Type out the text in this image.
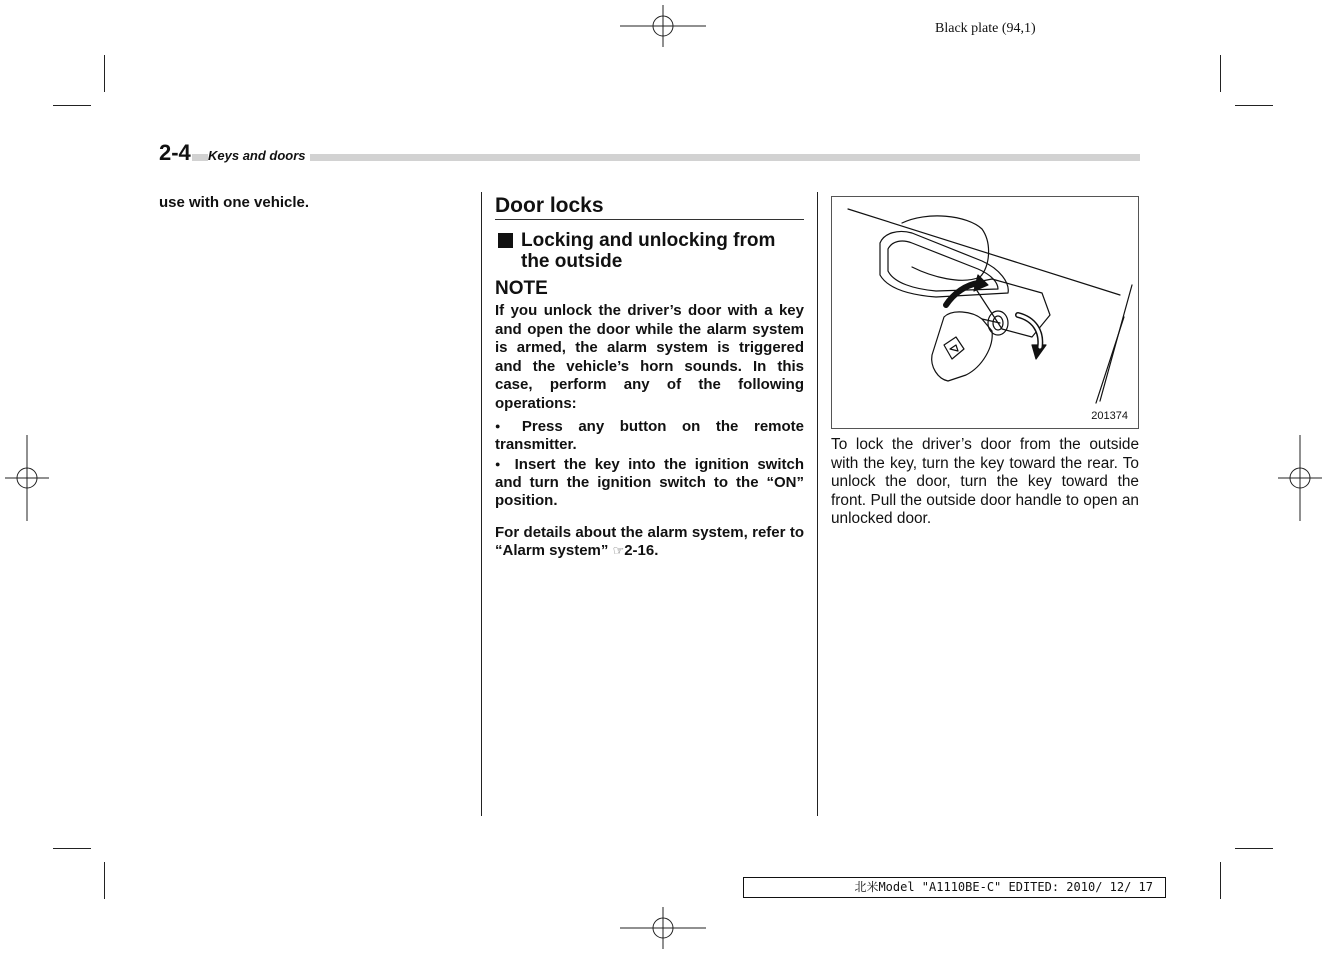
Black plate (94,1)
2-4 Keys and doors
use with one vehicle.	Door locks
Locking and unlocking from the outside
NOTE

If you unlock the driver’s door with a key and open the door while the alarm system is armed, the alarm system is triggered and the vehicle’s horn sounds. In this case, perform any of the following operations:

● Press any button on the remote transmitter.
● Insert the key into the ignition switch and turn the ignition switch to the “ON” position.

For details about the alarm system, refer to “Alarm system” ☞2-16.

201374
To lock the driver’s door from the outside with the key, turn the key toward the rear. To unlock the door, turn the key toward the front. Pull the outside door handle to open an unlocked door.
北米Model "A1110BE-C" EDITED: 2010/ 12/ 17
